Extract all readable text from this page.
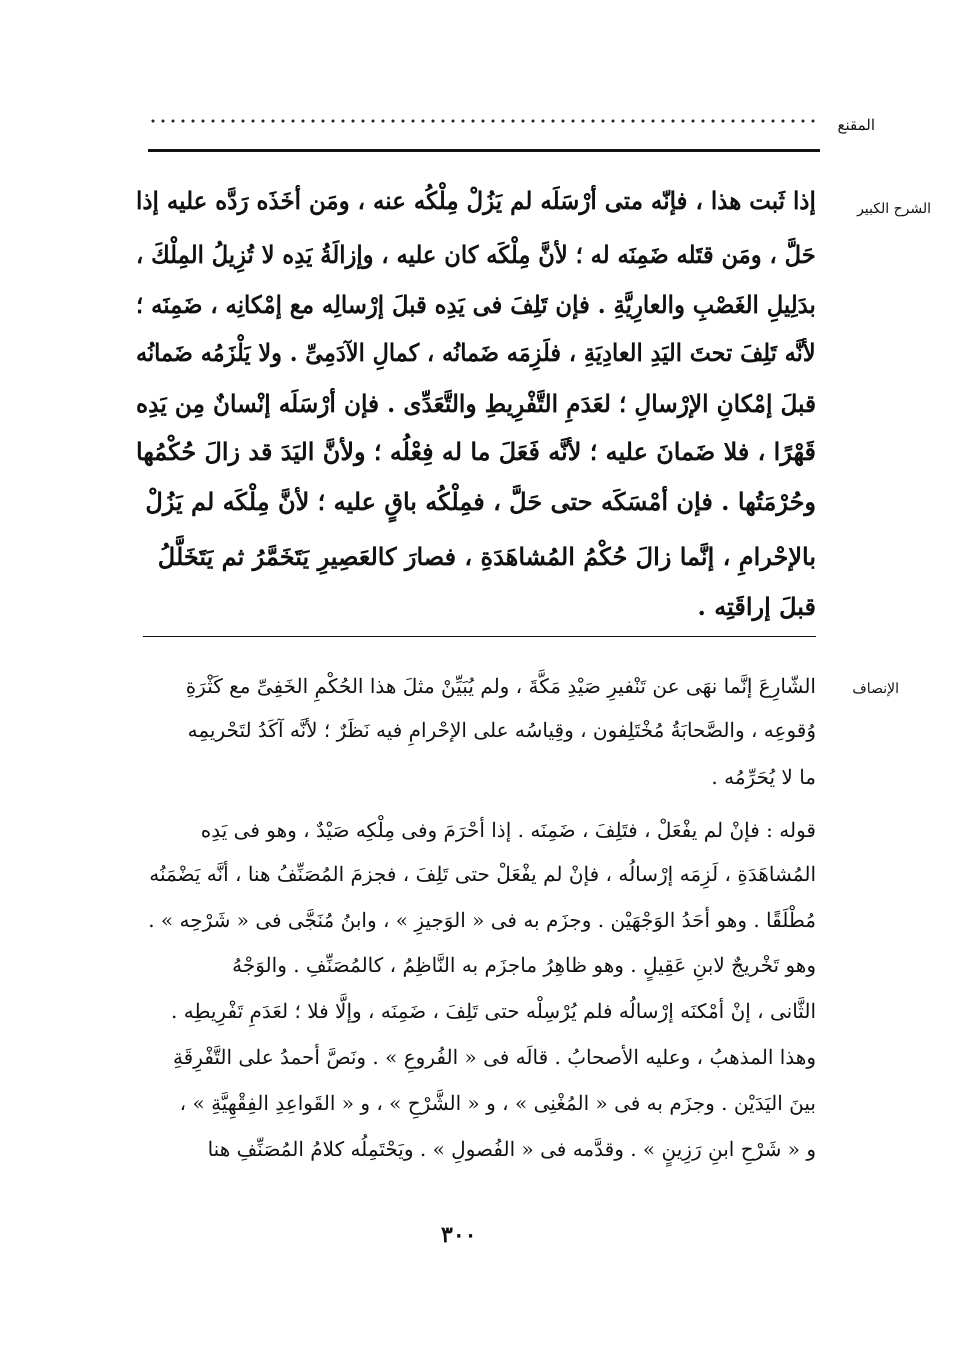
المقنع
الشرح الكبير
إذا ثَبت هذا ، فإنّه متى أرْسَلَه لم يَزُلْ مِلْكُه عنه ، ومَن أخَذَه رَدَّه عليه إذا
حَلَّ ، ومَن قتَله ضَمِنَه له ؛ لأنَّ مِلْكَه كان عليه ، وإزالَةُ يَدِه لا تُزِيلُ المِلْكَ ،
بدَلِيلِ الغَصْبِ والعارِيَّةِ . فإن تَلِفَ فى يَدِه قبلَ إرْسالِه مع إمْكانِه ، ضَمِنَه ؛
لأنَّه تَلِفَ تحتَ اليَدِ العادِيَةِ ، فلَزِمَه ضَمانُه ، كمالِ الآدَمِىِّ . ولا يَلْزَمُه ضَمانُه
قبلَ إمْكانِ الإرْسالِ ؛ لعَدَمِ التَّفْرِيطِ والتَّعَدِّى . فإن أرْسَلَه إنْسانٌ مِن يَدِه
قَهْرًا ، فلا ضَمانَ عليه ؛ لأنَّه فَعَلَ ما له فِعْلُه ؛ ولأنَّ اليَدَ قد زالَ حُكْمُها
وحُرْمَتُها . فإن أمْسَكَه حتى حَلَّ ، فمِلْكُه باقٍ عليه ؛ لأنَّ مِلْكَه لم يَزُلْ
بالإحْرامِ ، إنَّما زالَ حُكْمُ المُشاهَدَةِ ، فصارَ كالعَصِيرِ يَتَخَمَّرُ ثم يَتَخَلَّلُ
قبلَ إراقَتِه .
الإنصاف
الشّارِعَ إنَّما نهَى عن تَنْفيرِ صَيْدِ مَكَّةَ ، ولم يُبَيِّنْ مثلَ هذا الحُكْمِ الخَفِىِّ مع كَثْرَةِ
وُقوعِه ، والصَّحابَةُ مُخْتَلِفون ، وقِياسُه على الإحْرامِ فيه نَظَرٌ ؛ لأنَّه آكَدُ لتَحْريمِه
ما لا يُحَرِّمُه .
قوله : فإنْ لم يفْعَلْ ، فتَلِفَ ، ضَمِنَه . إذا أحْرَمَ وفى مِلْكِه صَيْدٌ ، وهو فى يَدِه
المُشاهَدَةِ ، لَزِمَه إرْسالُه ، فإنْ لم يفْعَلْ حتى تَلِفَ ، فجزمَ المُصَنِّفُ هنا ، أنَّه يَضْمَنُه
مُطْلَقًا . وهو أحَدُ الوَجْهَيْن . وجزَم به فى « الوَجيزِ » ، وابنُ مُنَجَّى فى « شَرْحِه » .
وهو تَخْريجٌ لابنِ عَقِيلٍ . وهو ظاهِرُ ماجزَم به النَّاظِمُ ، كالمُصَنِّفِ . والوَجْهُ
الثَّانى ، إنْ أمْكنَه إرْسالُه فلم يُرْسِلْه حتى تَلِفَ ، ضَمِنَه ، وإلَّا فلا ؛ لعَدَمِ تَفْرِيطِه .
وهذا المذهبُ ، وعليه الأصحابُ . قالَه فى « الفُروعِ » . ونَصَّ أحمدُ على التَّفْرِقَةِ
بينَ اليَدَيْن . وجزَم به فى « المُغْنِى » ، و « الشَّرْحِ » ، و « القَواعِدِ الفِقْهِيَّةِ » ،
و « شَرْحِ ابنِ رَزِينٍ » . وقدَّمه فى « الفُصولِ » . ويَحْتَمِلُه كلامُ المُصَنِّفِ هنا
٣٠٠
